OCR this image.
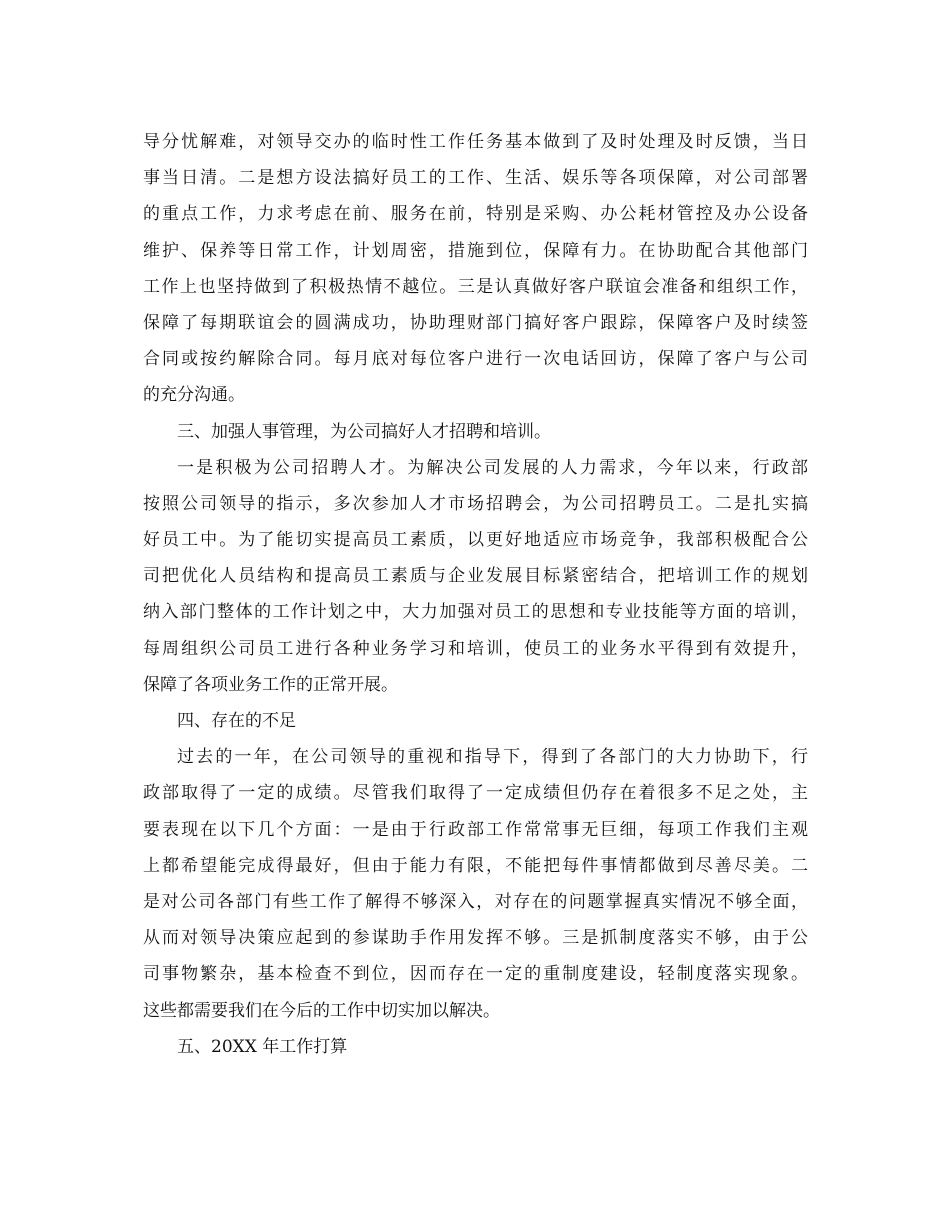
导分忧解难，对领导交办的临时性工作任务基本做到了及时处理及时反馈，当日
事当日清。二是想方设法搞好员工的工作、生活、娱乐等各项保障，对公司部署
的重点工作，力求考虑在前、服务在前，特别是采购、办公耗材管控及办公设备
维护、保养等日常工作，计划周密，措施到位，保障有力。在协助配合其他部门
工作上也坚持做到了积极热情不越位。三是认真做好客户联谊会准备和组织工作，
保障了每期联谊会的圆满成功，协助理财部门搞好客户跟踪，保障客户及时续签
合同或按约解除合同。每月底对每位客户进行一次电话回访，保障了客户与公司
的充分沟通。
三、加强人事管理，为公司搞好人才招聘和培训。
一是积极为公司招聘人才。为解决公司发展的人力需求，今年以来，行政部
按照公司领导的指示，多次参加人才市场招聘会，为公司招聘员工。二是扎实搞
好员工中。为了能切实提高员工素质，以更好地适应市场竞争，我部积极配合公
司把优化人员结构和提高员工素质与企业发展目标紧密结合，把培训工作的规划
纳入部门整体的工作计划之中，大力加强对员工的思想和专业技能等方面的培训，
每周组织公司员工进行各种业务学习和培训，使员工的业务水平得到有效提升，
保障了各项业务工作的正常开展。
四、存在的不足
过去的一年，在公司领导的重视和指导下，得到了各部门的大力协助下，行
政部取得了一定的成绩。尽管我们取得了一定成绩但仍存在着很多不足之处，主
要表现在以下几个方面：一是由于行政部工作常常事无巨细，每项工作我们主观
上都希望能完成得最好，但由于能力有限，不能把每件事情都做到尽善尽美。二
是对公司各部门有些工作了解得不够深入，对存在的问题掌握真实情况不够全面，
从而对领导决策应起到的参谋助手作用发挥不够。三是抓制度落实不够，由于公
司事物繁杂，基本检查不到位，因而存在一定的重制度建设，轻制度落实现象。
这些都需要我们在今后的工作中切实加以解决。
五、20XX 年工作打算
